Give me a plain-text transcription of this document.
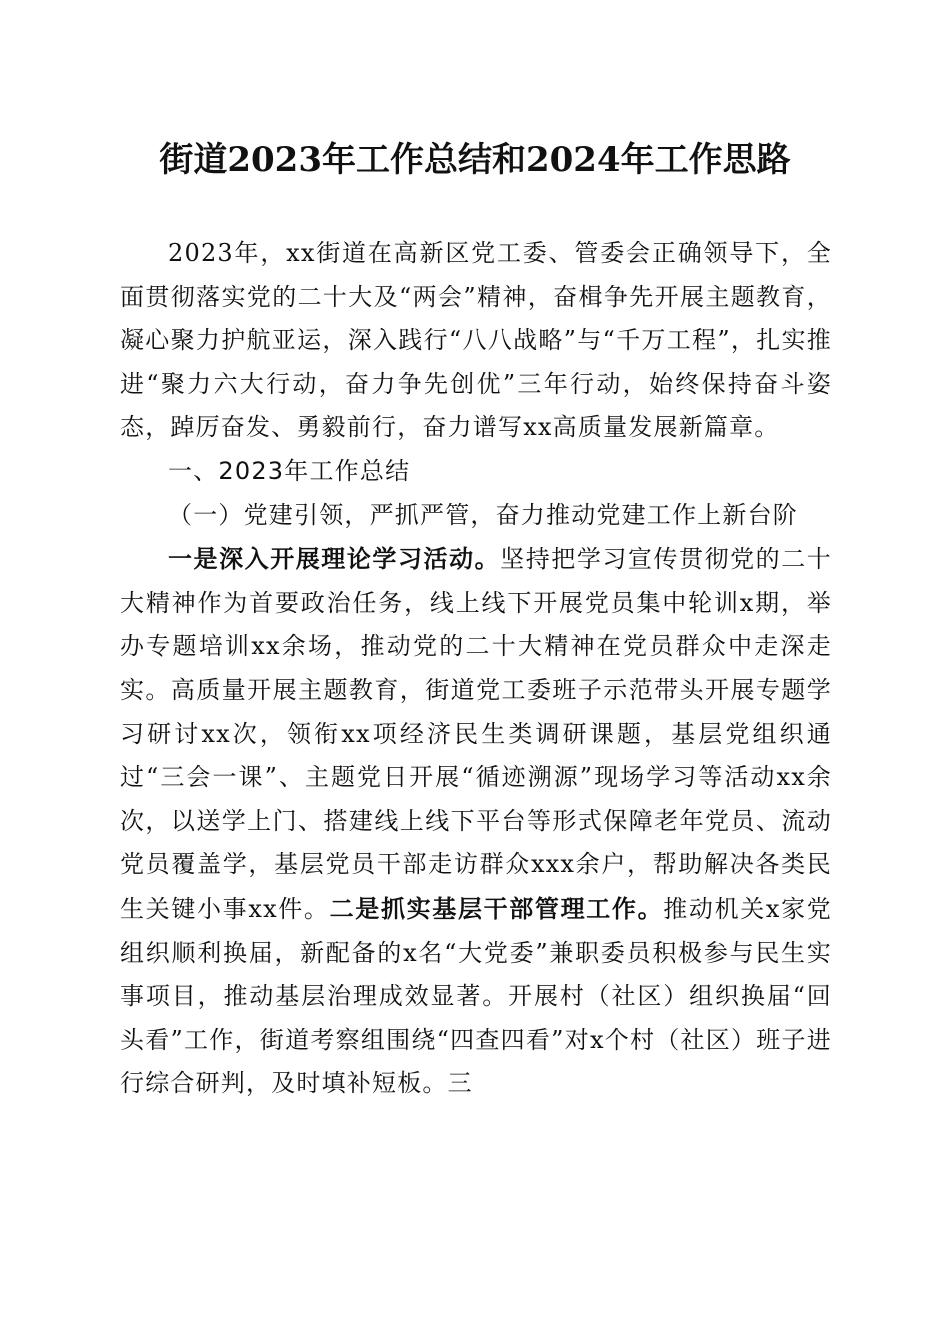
街道2023年工作总结和2024年工作思路

2023年，xx街道在高新区党工委、管委会正确领导下，全面贯彻落实党的二十大及“两会”精神，奋楫争先开展主题教育，凝心聚力护航亚运，深入践行“八八战略”与“千万工程”，扎实推进“聚力六大行动，奋力争先创优”三年行动，始终保持奋斗姿态，踔厉奋发、勇毅前行，奋力谱写xx高质量发展新篇章。

一、2023年工作总结

（一）党建引领，严抓严管，奋力推动党建工作上新台阶

一是深入开展理论学习活动。坚持把学习宣传贯彻党的二十大精神作为首要政治任务，线上线下开展党员集中轮训x期，举办专题培训xx余场，推动党的二十大精神在党员群众中走深走实。高质量开展主题教育，街道党工委班子示范带头开展专题学习研讨xx次，领衔xx项经济民生类调研课题，基层党组织通过“三会一课”、主题党日开展“循迹溯源”现场学习等活动xx余次，以送学上门、搭建线上线下平台等形式保障老年党员、流动党员覆盖学，基层党员干部走访群众xxx余户，帮助解决各类民生关键小事xx件。二是抓实基层干部管理工作。推动机关x家党组织顺利换届，新配备的x名“大党委”兼职委员积极参与民生实事项目，推动基层治理成效显著。开展村（社区）组织换届“回头看”工作，街道考察组围绕“四查四看”对x个村（社区）班子进行综合研判，及时填补短板。三
